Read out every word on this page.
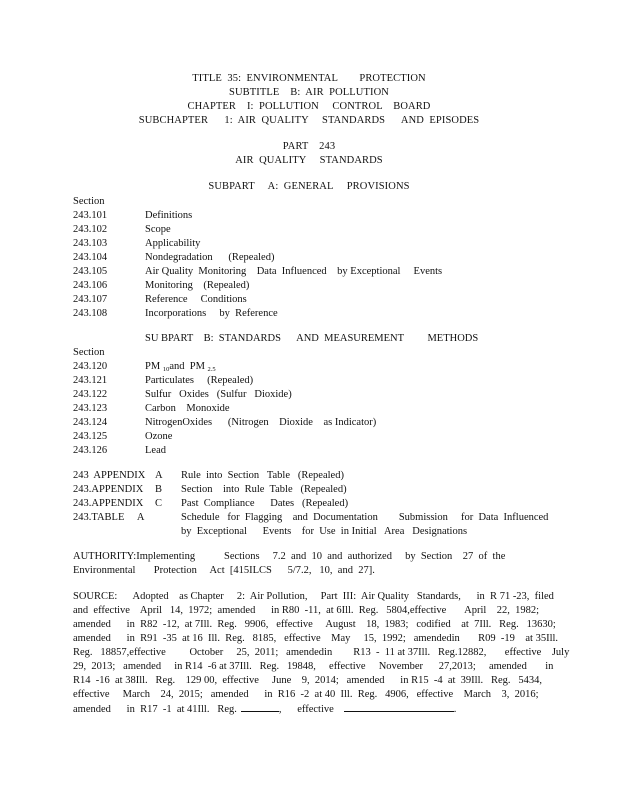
TITLE  35:  ENVIRONMENTAL        PROTECTION
SUBTITLE    B:  AIR  POLLUTION
CHAPTER    I:  POLLUTION     CONTROL    BOARD
SUBCHAPTER      1:  AIR  QUALITY     STANDARDS      AND  EPISODES
PART    243
AIR  QUALITY     STANDARDS
SUBPART     A:  GENERAL     PROVISIONS
Section
243.101	Definitions
243.102	Scope
243.103	Applicability
243.104	Nondegradation      (Repealed)
243.105	Air Quality  Monitoring    Data  Influenced    by Exceptional     Events
243.106	Monitoring    (Repealed)
243.107	Reference     Conditions
243.108	Incorporations     by  Reference
SU BPART    B:  STANDARDS      AND  MEASUREMENT         METHODS
Section
243.120	PM $_{10}$and  PM $_{2.5}$
243.121	Particulates     (Repealed)
243.122	Sulfur   Oxides   (Sulfur   Dioxide)
243.123	Carbon    Monoxide
243.124	NitrogenOxides      (Nitrogen    Dioxide    as Indicator)
243.125	Ozone
243.126	Lead
243  APPENDIX A Rule  into  Section   Table   (Repealed)
243.APPENDIX B Section    into  Rule  Table   (Repealed)
243.APPENDIX C Past  Compliance      Dates   (Repealed)
243.TABLE     A	Schedule   for  Flagging    and  Documentation        Submission     for  Data  Influenced
by  Exceptional      Events    for  Use  in Initial   Area   Designations
AUTHORITY:Implementing           Sections     7.2  and  10  and  authorized     by  Section    27  of  the
Environmental       Protection     Act  [415ILCS      5/7.2,   10,  and  27].
SOURCE:      Adopted    as Chapter     2:  Air Pollution,     Part  III:  Air Quality   Standards,      in  R 71 -23,  filed
and  effective    April   14,  1972;  amended      in R80  -11,  at 6Ill.  Reg.   5804,effective       April    22,  1982;
amended      in  R82  -12,  at 7Ill.  Reg.   9906,   effective     August    18,  1983;   codified    at  7Ill.   Reg.   13630;
amended      in  R91  -35  at 16  Ill.  Reg.   8185,   effective    May     15,  1992;   amendedin       R09  -19    at 35Ill.
Reg.   18857,effective         October     25,  2011;   amendedin        R13  -  11 at 37Ill.   Reg.12882,       effective    July
29,  2013;   amended     in R14  -6 at 37Ill.   Reg.   19848,     effective     November      27,2013;     amended       in
R14  -16  at 38Ill.   Reg.    129 00,  effective     June    9,  2014;   amended      in R15  -4  at  39Ill.   Reg.   5434,
effective     March    24,  2015;   amended      in  R16  -2  at 40  Ill.  Reg.   4906,   effective    March    3,  2016;
amended      in  R17  -1  at 41Ill.   Reg.	,      effective	.
